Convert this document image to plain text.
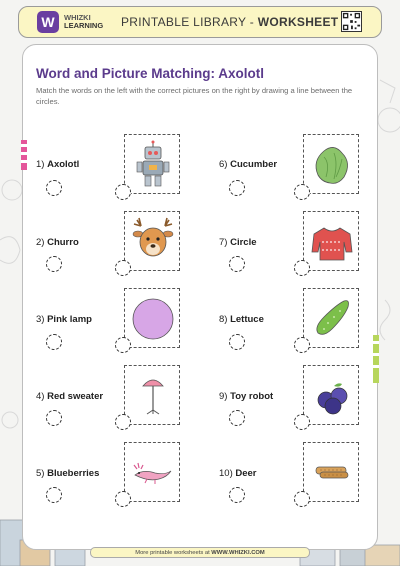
W	WHIZKI
LEARNING PRINTABLE LIBRARY - WORKSHEET
Word and Picture Matching: Axolotl
Match the words on the left with the correct pictures on the right by drawing a line between the circles.
1) Axolotl
2) Churro
3) Pink lamp
4) Red sweater
5) Blueberries
6) Cucumber
7) Circle
8) Lettuce
9) Toy robot
10) Deer
More printable worksheets at WWW.WHIZKI.COM
